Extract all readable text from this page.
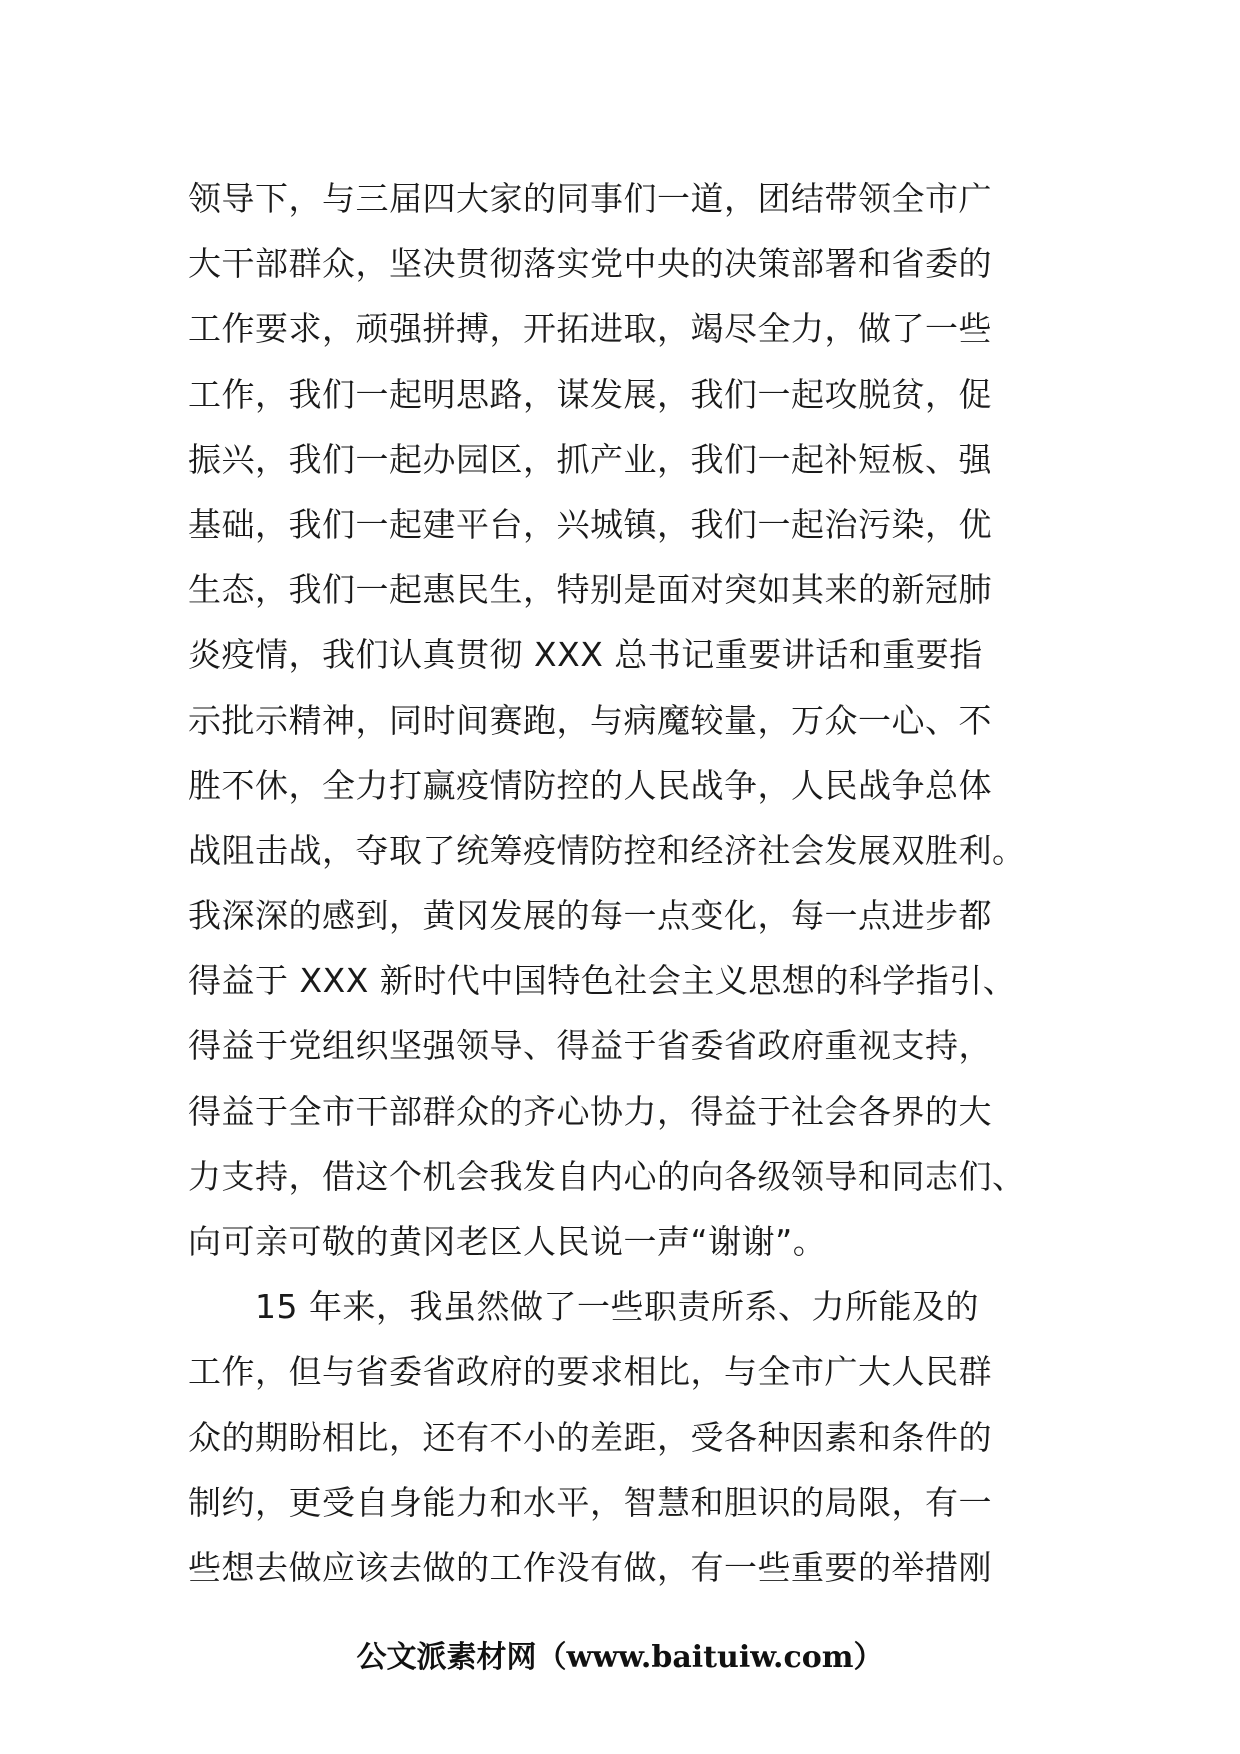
领导下，与三届四大家的同事们一道，团结带领全市广
大干部群众，坚决贯彻落实党中央的决策部署和省委的
工作要求，顽强拼搏，开拓进取，竭尽全力，做了一些
工作，我们一起明思路，谋发展，我们一起攻脱贫，促
振兴，我们一起办园区，抓产业，我们一起补短板、强
基础，我们一起建平台，兴城镇，我们一起治污染，优
生态，我们一起惠民生，特别是面对突如其来的新冠肺
炎疫情，我们认真贯彻 XXX 总书记重要讲话和重要指
示批示精神，同时间赛跑，与病魔较量，万众一心、不
胜不休，全力打赢疫情防控的人民战争，人民战争总体
战阻击战，夺取了统筹疫情防控和经济社会发展双胜利。
我深深的感到，黄冈发展的每一点变化，每一点进步都
得益于 XXX 新时代中国特色社会主义思想的科学指引、
得益于党组织坚强领导、得益于省委省政府重视支持，
得益于全市干部群众的齐心协力，得益于社会各界的大
力支持，借这个机会我发自内心的向各级领导和同志们、
向可亲可敬的黄冈老区人民说一声“谢谢”。
　　15 年来，我虽然做了一些职责所系、力所能及的
工作，但与省委省政府的要求相比，与全市广大人民群
众的期盼相比，还有不小的差距，受各种因素和条件的
制约，更受自身能力和水平，智慧和胆识的局限，有一
些想去做应该去做的工作没有做，有一些重要的举措刚
公文派素材网（www.baituiw.com）
